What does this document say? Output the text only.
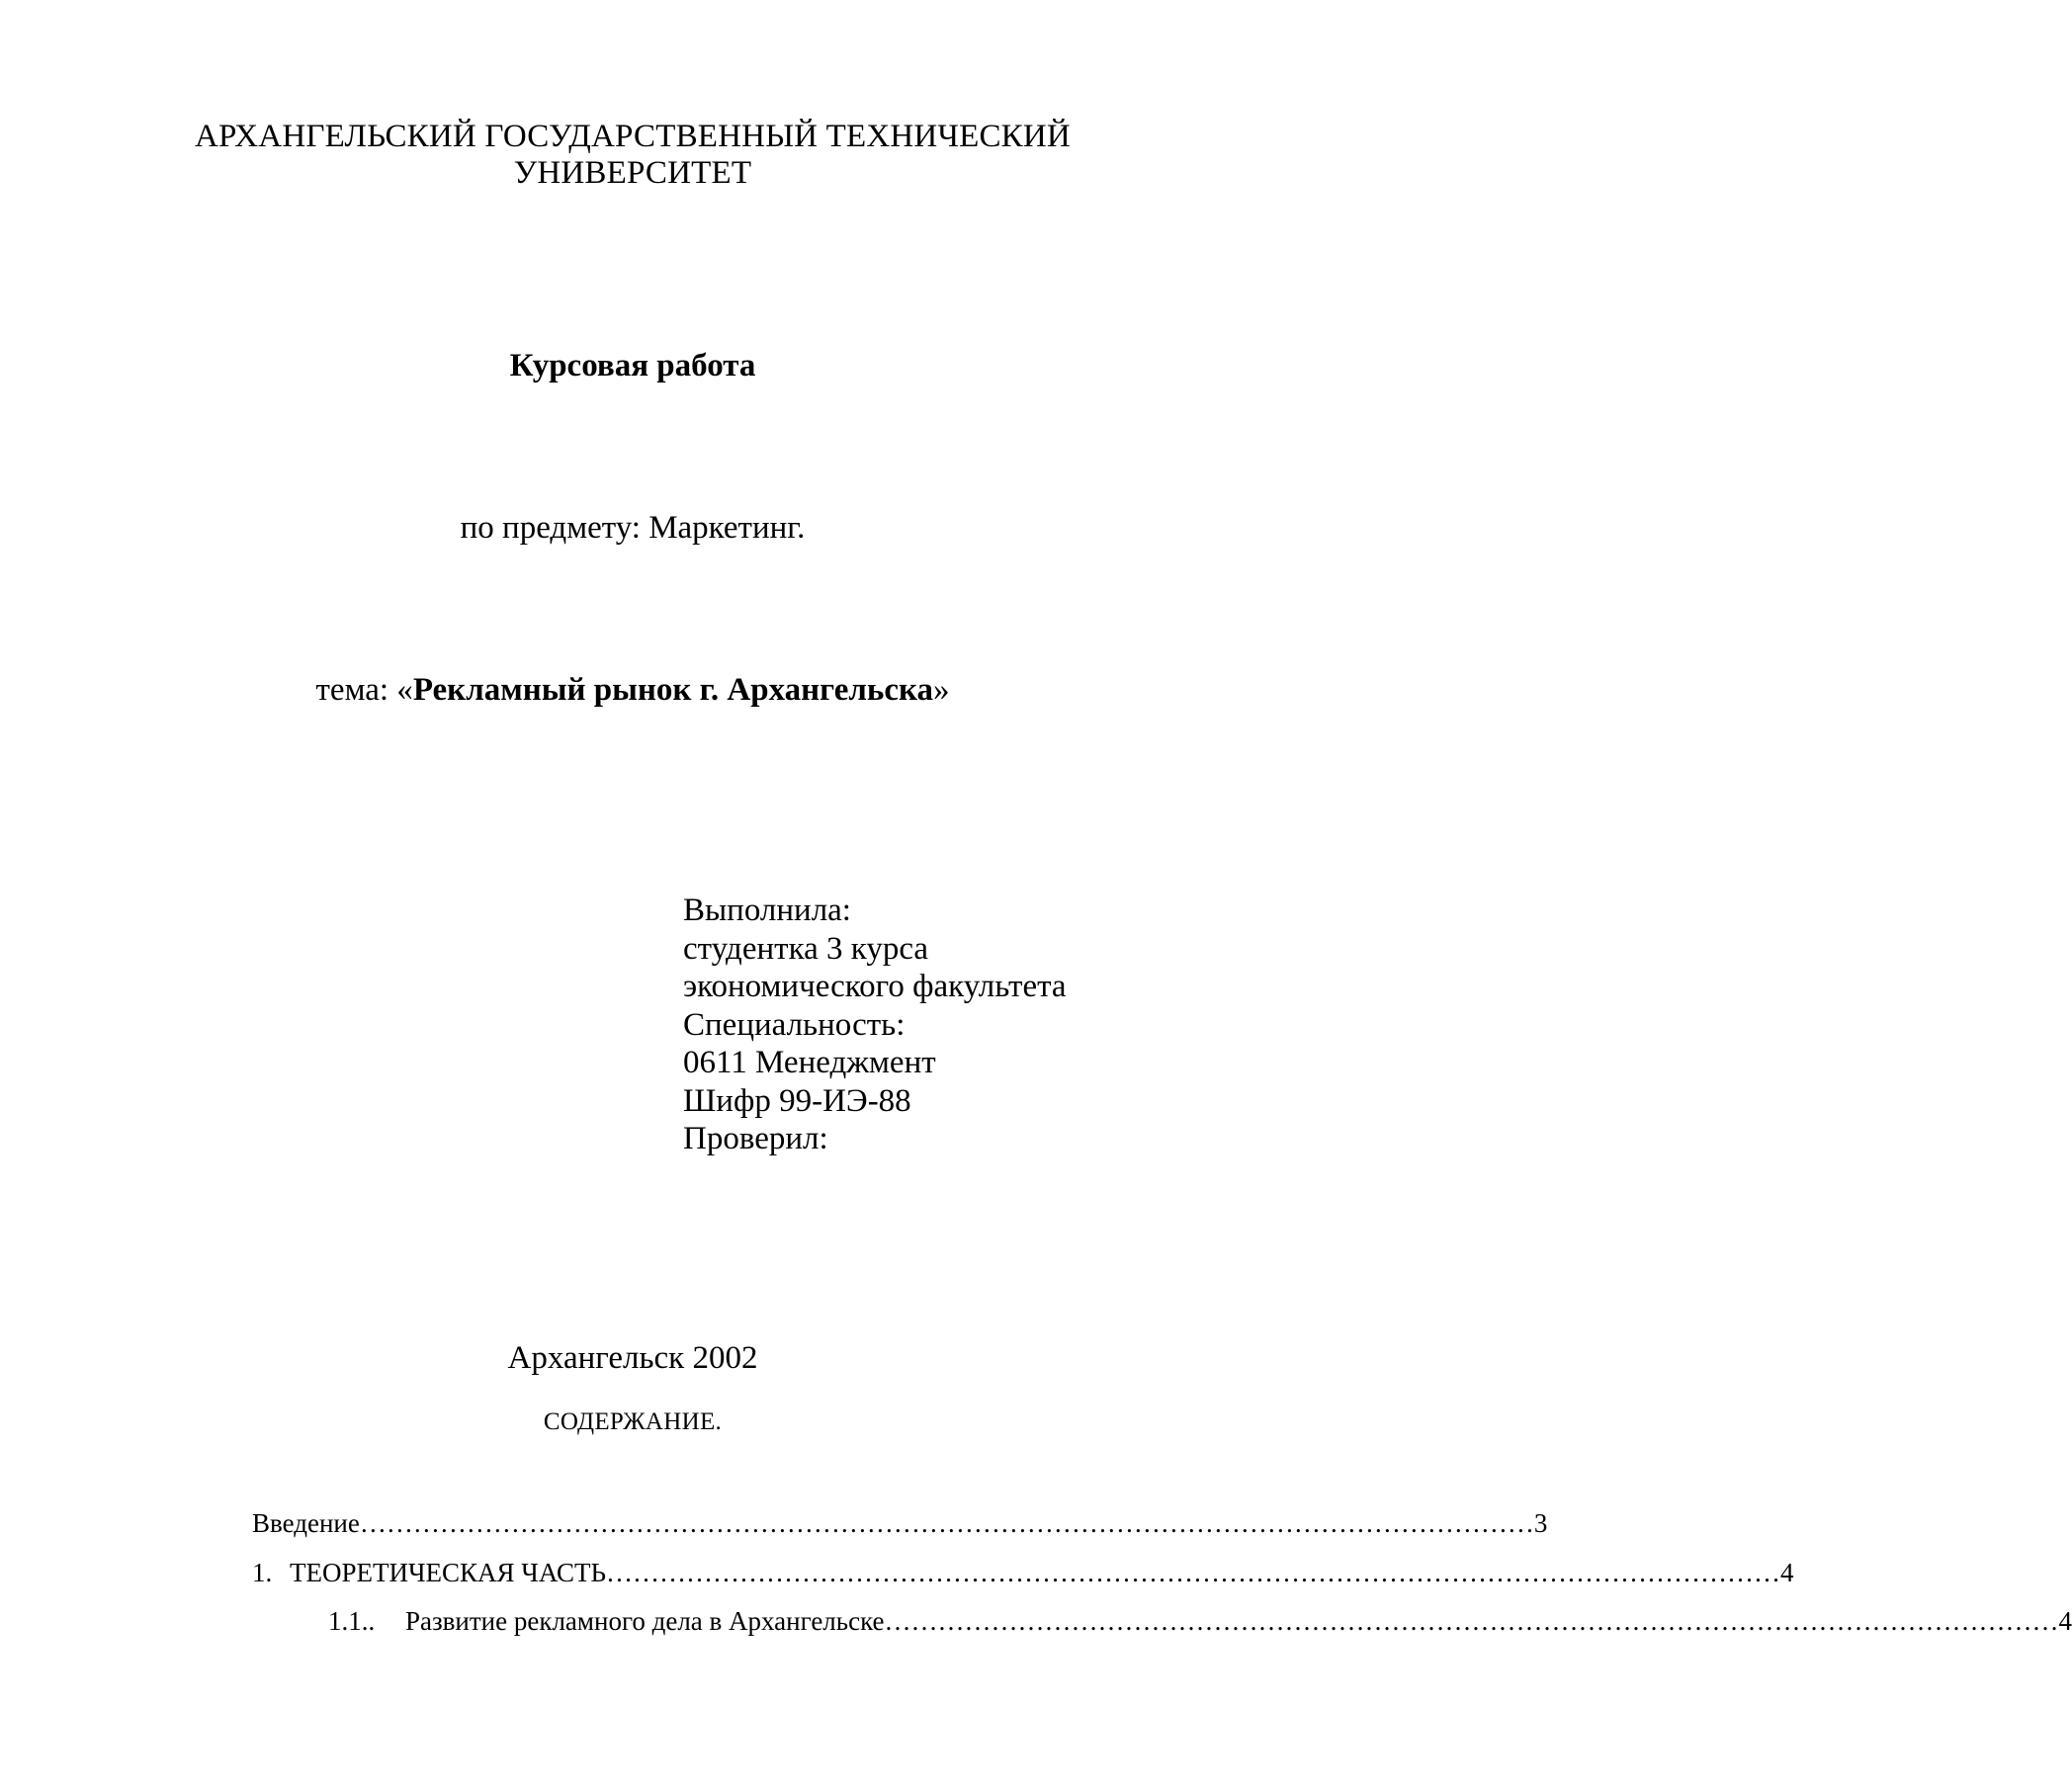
АРХАНГЕЛЬСКИЙ ГОСУДАРСТВЕННЫЙ ТЕХНИЧЕСКИЙ
УНИВЕРСИТЕТ
Курсовая работа
по предмету: Маркетинг.
тема: «Рекламный рынок г. Архангельска»
Выполнила:
студентка 3 курса
экономического факультета
Специальность:
0611 Менеджмент
Шифр 99-ИЭ-88
Проверил:
Архангельск 2002
СОДЕРЖАНИЕ.
Введение …………………………………………………………………………………………………………………… 3
1. ТЕОРЕТИЧЕСКАЯ ЧАСТЬ …………………………………………………………………………………………………………………… 4
1.1.. Развитие рекламного дела в Архангельске …………………………………………………………………………………………………………………… 4
